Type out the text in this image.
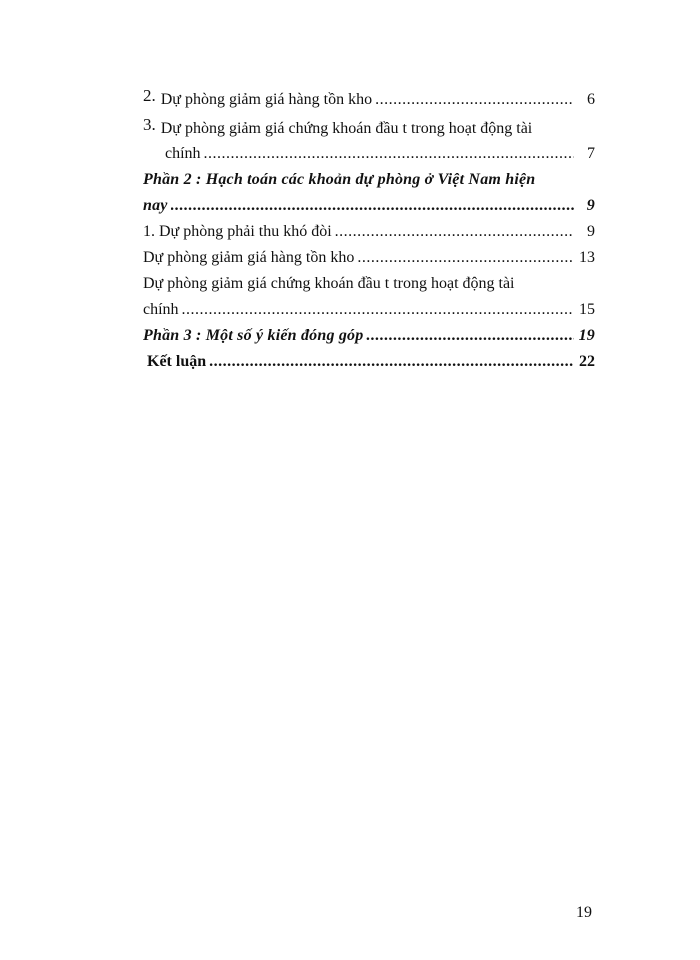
2. Dự phòng giảm giá hàng tồn kho .....	6
3. Dự phòng giảm giá chứng khoán đầu t trong hoạt động tài
chính .....	7
Phần 2 : Hạch toán các khoản dự phòng ở Việt Nam hiện
nay .....	9
1. Dự phòng phải thu khó đòi .....	9
Dự phòng giảm giá hàng tồn kho .....	13
Dự phòng giảm giá chứng khoán đầu t trong hoạt động tài
chính .....	15
Phần 3 : Một số ý kiến đóng góp .....	19
Kết luận .....	22
19
